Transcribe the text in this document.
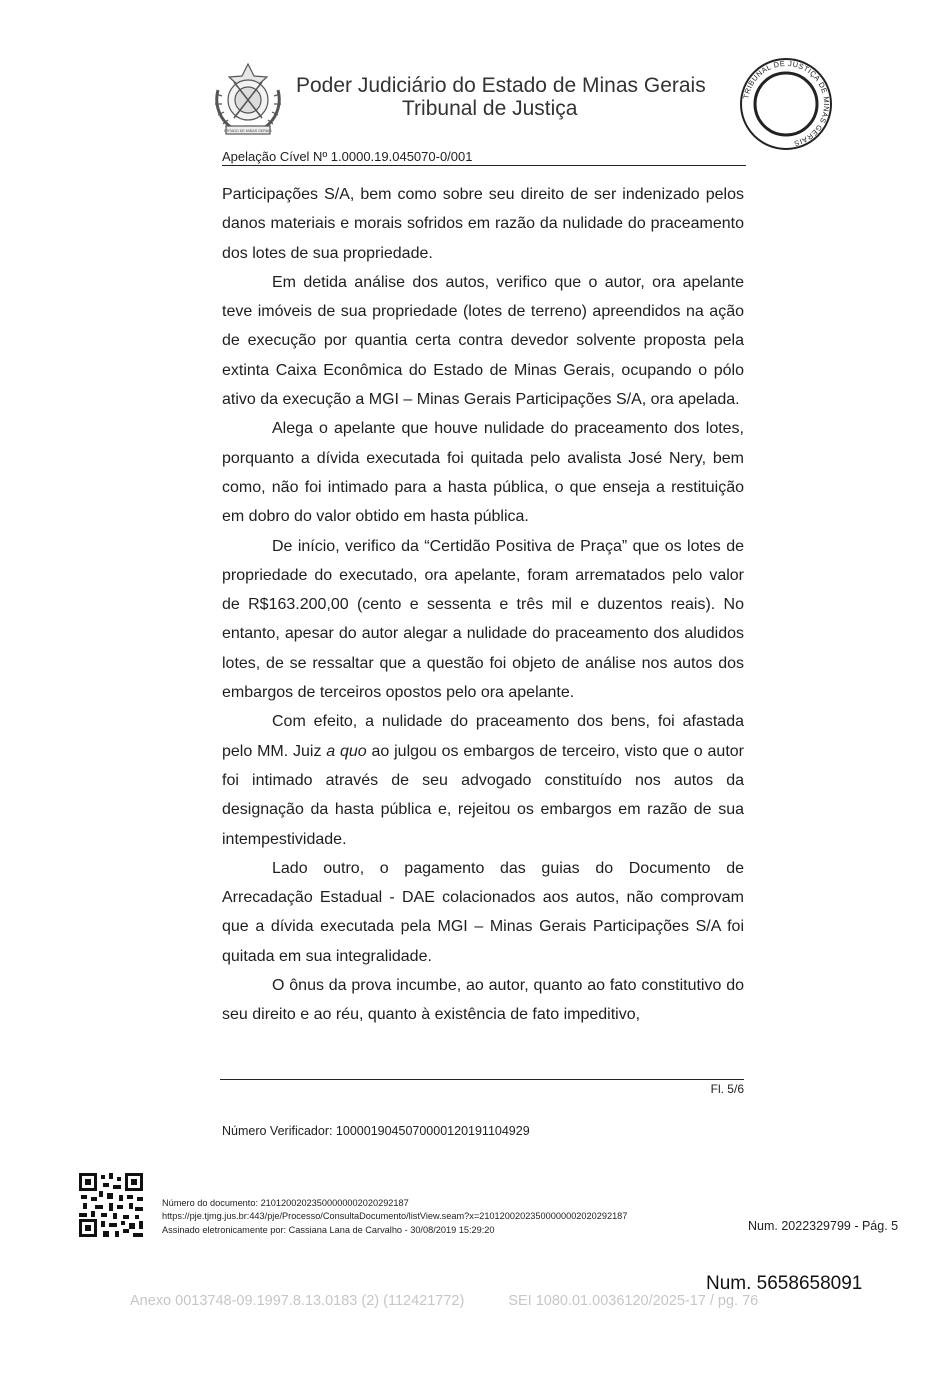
ESTADO DE MINAS GERAIS
Poder Judiciário do Estado de Minas Gerais
Tribunal de Justiça
TRIBUNAL DE JUSTIÇA DE MINAS GERAIS
Apelação Cível Nº 1.0000.19.045070-0/001

Participações S/A, bem como sobre seu direito de ser indenizado pelos danos materiais e morais sofridos em razão da nulidade do praceamento dos lotes de sua propriedade.

Em detida análise dos autos, verifico que o autor, ora apelante teve imóveis de sua propriedade (lotes de terreno) apreendidos na ação de execução por quantia certa contra devedor solvente proposta pela extinta Caixa Econômica do Estado de Minas Gerais, ocupando o pólo ativo da execução a MGI – Minas Gerais Participações S/A, ora apelada.

Alega o apelante que houve nulidade do praceamento dos lotes, porquanto a dívida executada foi quitada pelo avalista José Nery, bem como, não foi intimado para a hasta pública, o que enseja a restituição em dobro do valor obtido em hasta pública.

De início, verifico da “Certidão Positiva de Praça” que os lotes de propriedade do executado, ora apelante, foram arrematados pelo valor de R$163.200,00 (cento e sessenta e três mil e duzentos reais). No entanto, apesar do autor alegar a nulidade do praceamento dos aludidos lotes, de se ressaltar que a questão foi objeto de análise nos autos dos embargos de terceiros opostos pelo ora apelante.

Com efeito, a nulidade do praceamento dos bens, foi afastada pelo MM. Juiz a quo ao julgou os embargos de terceiro, visto que o autor foi intimado através de seu advogado constituído nos autos da designação da hasta pública e, rejeitou os embargos em razão de sua intempestividade.

Lado outro, o pagamento das guias do Documento de Arrecadação Estadual - DAE colacionados aos autos, não comprovam que a dívida executada pela MGI – Minas Gerais Participações S/A foi quitada em sua integralidade.

O ônus da prova incumbe, ao autor, quanto ao fato constitutivo do seu direito e ao réu, quanto à existência de fato impeditivo,

Fl. 5/6
Número Verificador: 1000019045070000120191104929
Número do documento: 21012002023500000002020292187
https://pje.tjmg.jus.br:443/pje/Processo/ConsultaDocumento/listView.seam?x=21012002023500000002020292187
Assinado eletronicamente por: Cassiana Lana de Carvalho - 30/08/2019 15:29:20	Num. 2022329799 - Pág. 5
Num. 5658658091
Anexo 0013748-09.1997.8.13.0183 (2) (112421772)	SEI 1080.01.0036120/2025-17 / pg. 76
